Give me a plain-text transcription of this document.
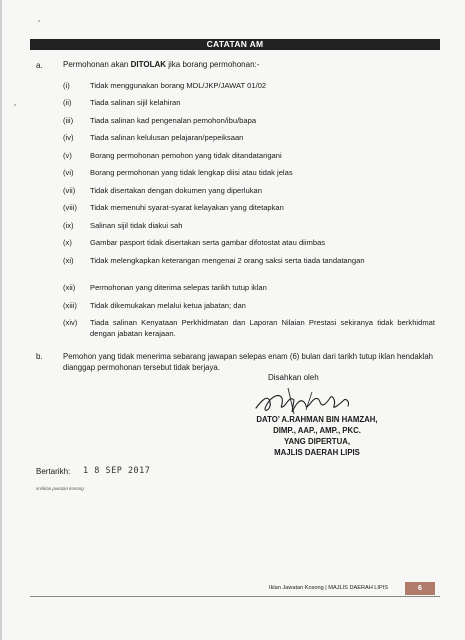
CATATAN AM
a.	Permohonan akan DITOLAK jika borang permohonan:-
(i)	Tidak menggunakan borang MDL/JKP/JAWAT 01/02
(ii)	Tiada salinan sijil kelahiran
(iii)	Tiada salinan kad pengenalan pemohon/ibu/bapa
(iv)	Tiada salinan kelulusan pelajaran/pepeiksaan
(v)	Borang permohonan pemohon yang tidak ditandatangani
(vi)	Borang permohonan yang tidak lengkap diisi atau tidak jelas
(vii)	Tidak disertakan dengan dokumen yang diperlukan
(viii)	Tidak memenuhi syarat-syarat kelayakan yang ditetapkan
(ix)	Salinan sijil tidak diakui sah
(x)	Gambar pasport tidak disertakan serta gambar difotostat atau diimbas
(xi)	Tidak melengkapkan keterangan mengenai 2 orang saksi serta tiada tandatangan
(xii)	Permohonan yang diterima selepas tarikh tutup iklan
(xiii)	Tidak dikemukakan melalui ketua jabatan; dan
(xiv)	Tiada salinan Kenyataan Perkhidmatan dan Laporan Nilaian Prestasi sekiranya tidak berkhidmat dengan jabatan kerajaan.
b.	Pemohon yang tidak menerima sebarang jawapan selepas enam (6) bulan dari tarikh tutup iklan hendaklah dianggap permohonan tersebut tidak berjaya.
Disahkan oleh
DATO’ A.RAHMAN BIN HAMZAH,
DIMP., AAP., AMP., PKC.
YANG DIPERTUA,
MAJLIS DAERAH LIPIS
Bertarikh: 1 8 SEP 2017
sn/iklan jawatan kosong
Iklan Jawatan Kosong | MAJLIS DAERAH LIPIS	6
